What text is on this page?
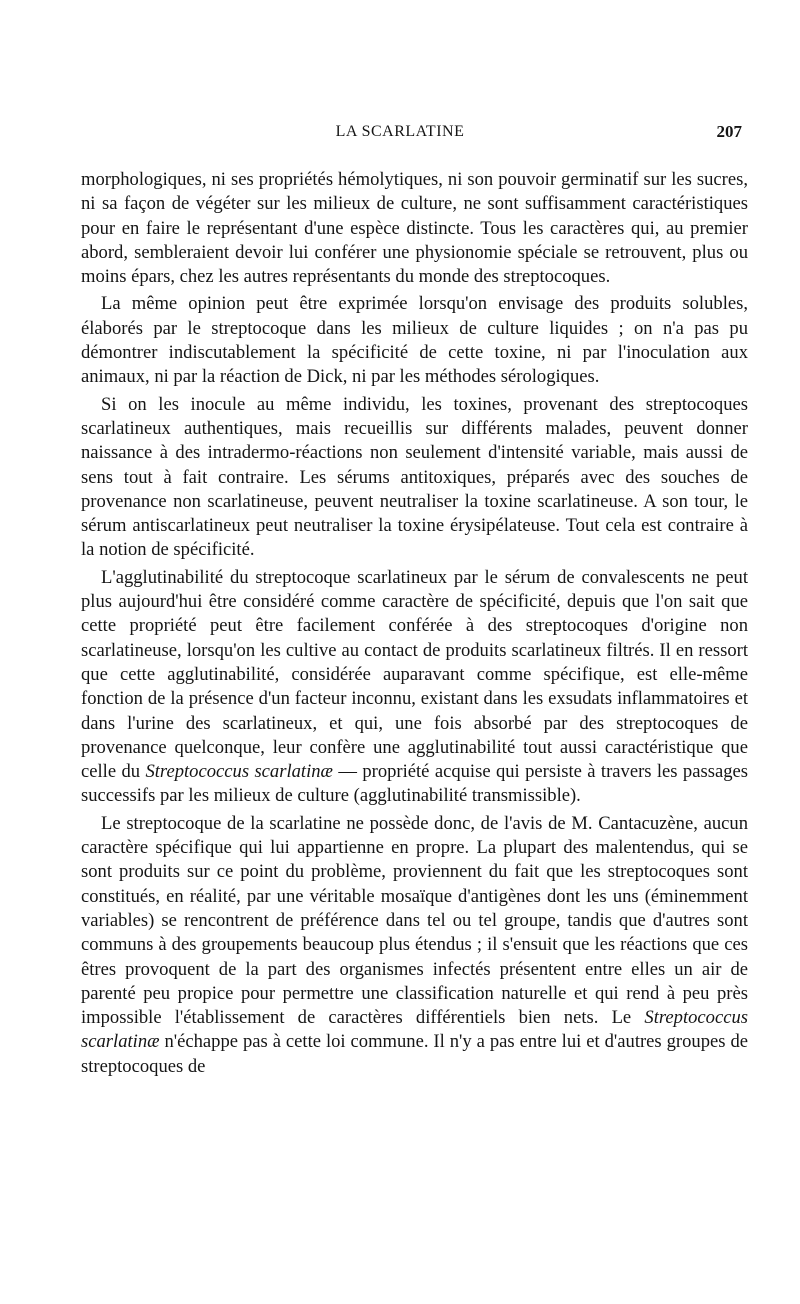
LA SCARLATINE	207

morphologiques, ni ses propriétés hémolytiques, ni son pouvoir germinatif sur les sucres, ni sa façon de végéter sur les milieux de culture, ne sont suffisamment caractéristiques pour en faire le représentant d'une espèce distincte. Tous les caractères qui, au premier abord, sembleraient devoir lui conférer une physionomie spéciale se retrouvent, plus ou moins épars, chez les autres représentants du monde des streptocoques.

La même opinion peut être exprimée lorsqu'on envisage des produits solubles, élaborés par le streptocoque dans les milieux de culture liquides ; on n'a pas pu démontrer indiscutablement la spécificité de cette toxine, ni par l'inoculation aux animaux, ni par la réaction de Dick, ni par les méthodes sérologiques.

Si on les inocule au même individu, les toxines, provenant des streptocoques scarlatineux authentiques, mais recueillis sur différents malades, peuvent donner naissance à des intradermo-réactions non seulement d'intensité variable, mais aussi de sens tout à fait contraire. Les sérums antitoxiques, préparés avec des souches de provenance non scarlatineuse, peuvent neutraliser la toxine scarlatineuse. A son tour, le sérum antiscarlatineux peut neutraliser la toxine érysipélateuse. Tout cela est contraire à la notion de spécificité.

L'agglutinabilité du streptocoque scarlatineux par le sérum de convalescents ne peut plus aujourd'hui être considéré comme caractère de spécificité, depuis que l'on sait que cette propriété peut être facilement conférée à des streptocoques d'origine non scarlatineuse, lorsqu'on les cultive au contact de produits scarlatineux filtrés. Il en ressort que cette agglutinabilité, considérée auparavant comme spécifique, est elle-même fonction de la présence d'un facteur inconnu, existant dans les exsudats inflammatoires et dans l'urine des scarlatineux, et qui, une fois absorbé par des streptocoques de provenance quelconque, leur confère une agglutinabilité tout aussi caractéristique que celle du Streptococcus scarlatinæ — propriété acquise qui persiste à travers les passages successifs par les milieux de culture (agglutinabilité transmissible).

Le streptocoque de la scarlatine ne possède donc, de l'avis de M. Cantacuzène, aucun caractère spécifique qui lui appartienne en propre. La plupart des malentendus, qui se sont produits sur ce point du problème, proviennent du fait que les streptocoques sont constitués, en réalité, par une véritable mosaïque d'antigènes dont les uns (éminemment variables) se rencontrent de préférence dans tel ou tel groupe, tandis que d'autres sont communs à des groupements beaucoup plus étendus ; il s'ensuit que les réactions que ces êtres provoquent de la part des organismes infectés présentent entre elles un air de parenté peu propice pour permettre une classification naturelle et qui rend à peu près impossible l'établissement de caractères différentiels bien nets. Le Streptococcus scarlatinæ n'échappe pas à cette loi commune. Il n'y a pas entre lui et d'autres groupes de streptocoques de
